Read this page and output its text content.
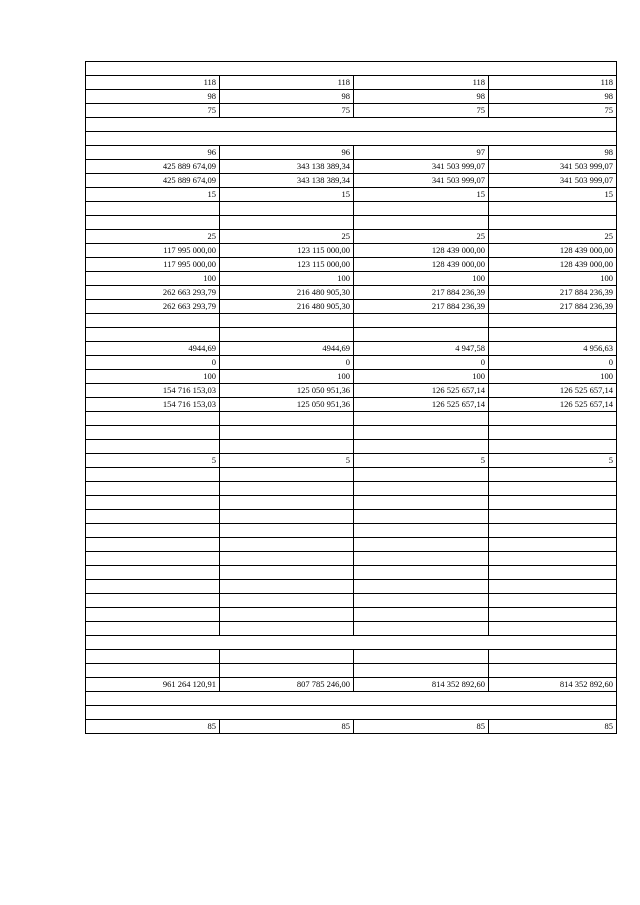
118	118	118	118
98	98	98	98
75	75	75	75

96	96	97	98
425 889 674,09	343 138 389,34	341 503 999,07	341 503 999,07
425 889 674,09	343 138 389,34	341 503 999,07	341 503 999,07
15	15	15	15

25	25	25	25
117 995 000,00	123 115 000,00	128 439 000,00	128 439 000,00
117 995 000,00	123 115 000,00	128 439 000,00	128 439 000,00
100	100	100	100
262 663 293,79	216 480 905,30	217 884 236,39	217 884 236,39
262 663 293,79	216 480 905,30	217 884 236,39	217 884 236,39

4944,69	4944,69	4 947,58	4 956,63
0	0	0	0
100	100	100	100
154 716 153,03	125 050 951,36	126 525 657,14	126 525 657,14
154 716 153,03	125 050 951,36	126 525 657,14	126 525 657,14

5	5	5	5

961 264 120,91	807 785 246,00	814 352 892,60	814 352 892,60

85	85	85	85
